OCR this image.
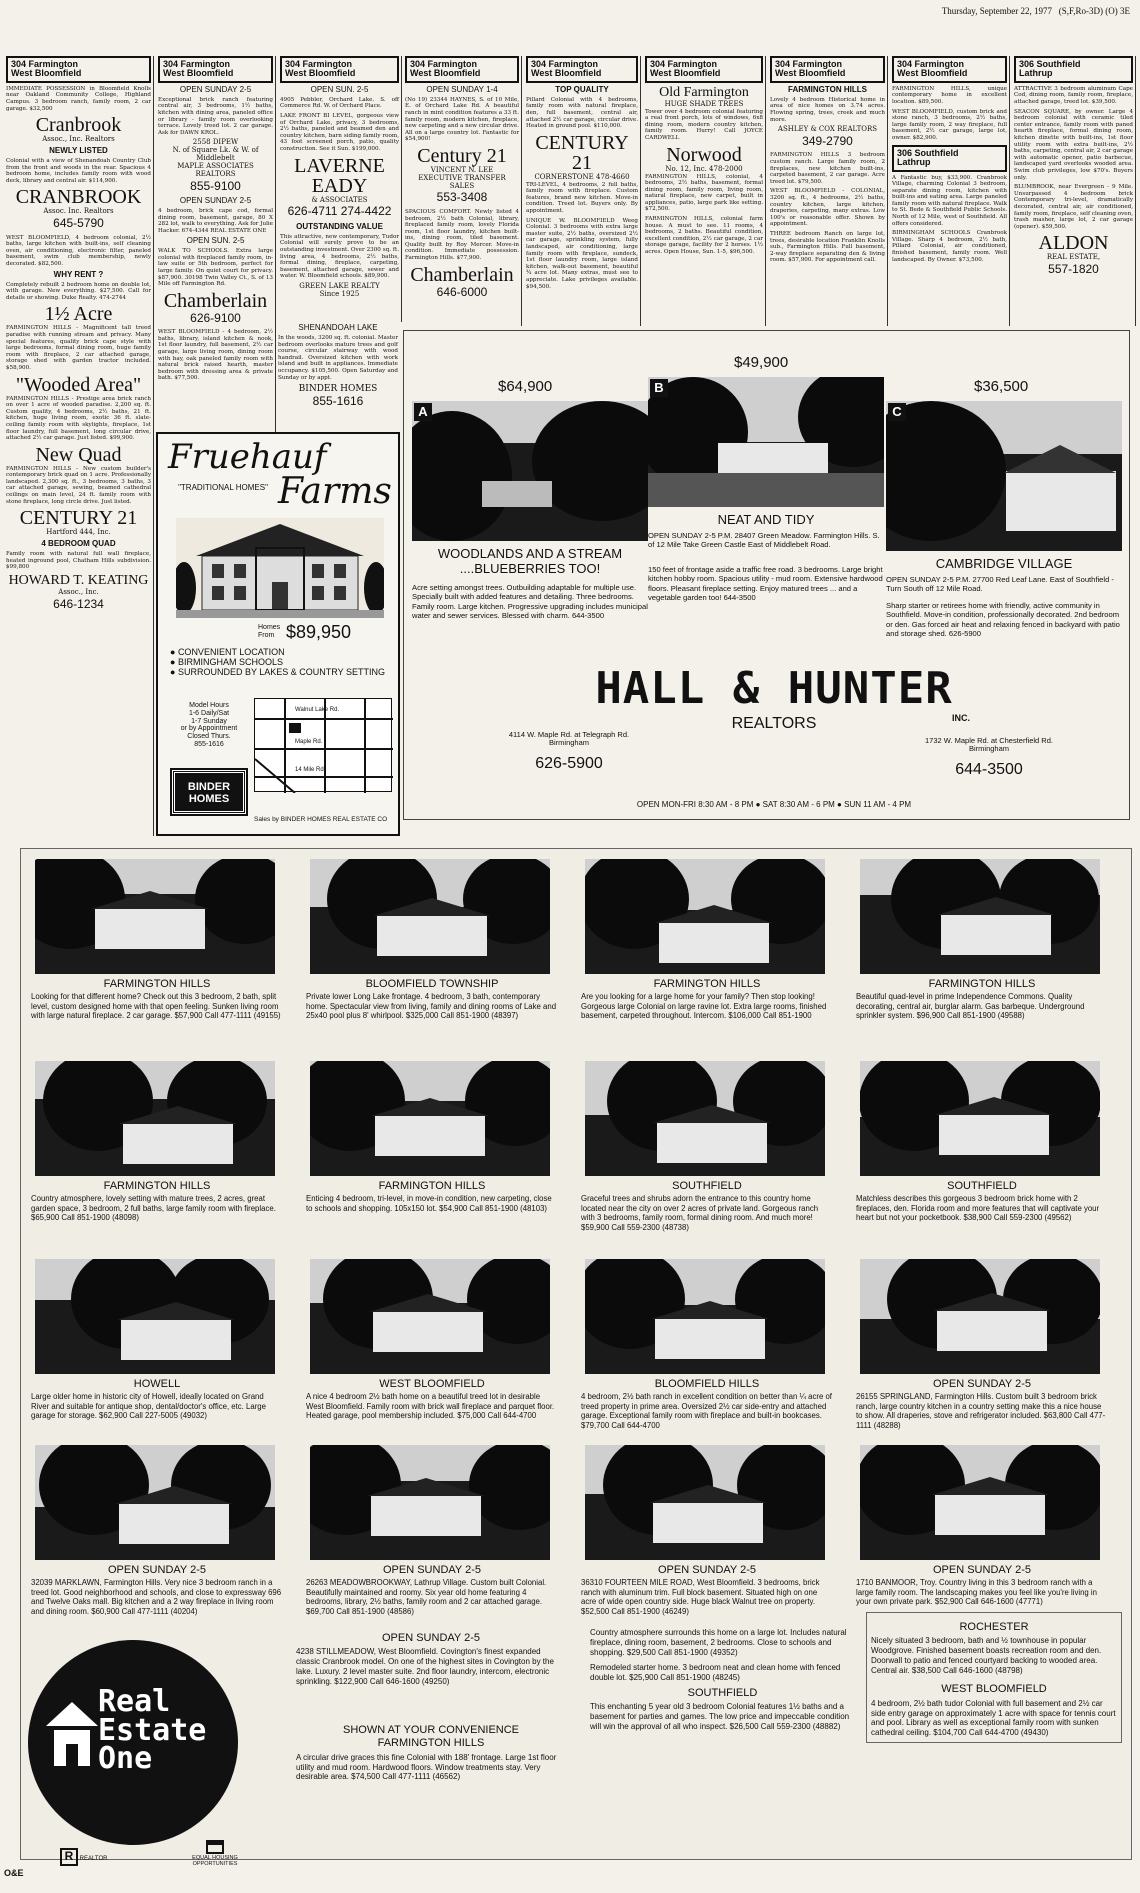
Thursday, September 22, 1977 (S,F,Ro-3D) (O) 3E
304 Farmington
West Bloomfield
IMMEDIATE POSSESSION in Bloomfield Knolls near Oakland Community College, Highland Campus. 3 bedroom ranch, family room, 2 car garage. $32,500
Cranbrook
Assoc., Inc. Realtors
NEWLY LISTED
Colonial with a view of Shenandoah Country Club from the front and woods in the rear. Spacious 4 bedroom home, includes family room with wood deck, library and central air. $114,900.
CRANBROOK
Assoc. Inc. Realtors
645-5790
WEST BLOOMFIELD, 4 bedroom colonial, 2½ baths, large kitchen with built-ins, self cleaning oven, air conditioning, electronic filter, paneled basement, swim club membership, newly decorated. $82,500.
WHY RENT ?
Completely rebuilt 2 bedroom home on double lot, with garage. New everything. $27,500. Call for details or showing. Duke Realty. 474-2744
1½ Acre
FARMINGTON HILLS - Magnificent tall treed paradise with running stream and privacy. Many special features, quality brick cape style with large bedrooms, formal dining room, huge family room with fireplace, 2 car attached garage, storage shed with garden tractor included. $58,900.
"Wooded Area"
FARMINGTON HILLS - Prestige area brick ranch on over 1 acre of wooded paradise. 2,200 sq. ft. Custom quality, 4 bedrooms, 2½ baths, 21 ft. kitchen, huge living room, exotic 36 ft. slate-ceiling family room with skylights, fireplace, 1st floor laundry, full basement, long circular drive, attached 2½ car garage. Just listed. $99,900.
New Quad
FARMINGTON HILLS - New custom builder's contemporary brick quad on 1 acre. Professionally landscaped. 2,300 sq. ft., 3 bedrooms, 3 baths, 3 car attached garage, sewing, beamed cathedral ceilings on main level, 24 ft. family room with stone fireplace, long circle drive. Just listed.
CENTURY 21
Hartford 444, Inc.
4 BEDROOM QUAD
Family room with natural full wall fireplace, heated inground pool, Chatham Hills subdivision. $99,800
HOWARD T. KEATING
Assoc., Inc.
646-1234
304 Farmington
West Bloomfield
OPEN SUNDAY 2-5
Exceptional brick ranch featuring central air, 3 bedrooms, 1½ baths, kitchen with dining area, paneled office or library - family room overlooking terrace. Lovely treed lot. 2 car garage. Ask for DAWN KROL.
2558 DIPEW
N. of Square Lk. & W. of Middlebelt
MAPLE ASSOCIATES
REALTORS
855-9100
OPEN SUNDAY 2-5
4 bedroom, brick cape cod, formal dining room, basement, garage, 80 X 282 lot, walk to everything. Ask for Julie Hacker. 674-4344 REAL ESTATE ONE
OPEN SUN. 2-5
WALK TO SCHOOLS. Extra large colonial with fireplaced family room, in-law suite or 5th bedroom, perfect for large family. On quiet court for privacy. $87,900. 30198 Twin Valley Ct., S. of 13 Mile off Farmington Rd.
Chamberlain
626-9100
WEST BLOOMFIELD - 4 bedroom, 2½ baths, library, island kitchen & nook, 1st floor laundry, full basement, 2½ car garage, large living room, dining room with bay, oak paneled family room with natural brick raised hearth, master bedroom with dressing area & private bath. $77,500.
304 Farmington
West Bloomfield
OPEN SUN. 2-5
4905 Pebbler, Orchard Lake. S. off Commerce Rd. W. of Orchard Place.
LAKE FRONT BI LEVEL, gorgeous view of Orchard Lake, privacy, 3 bedrooms, 2½ baths, paneled and beamed den and country kitchen, barn siding family room, 43 foot screened porch, patio, quality construction. See it Sun. $199,000.
LAVERNE EADY
& ASSOCIATES
626-4711 274-4422
OUTSTANDING VALUE
This attractive, new contemporary, Tudor Colonial will surely prove to be an outstanding investment. Over 2300 sq. ft. living area, 4 bedrooms, 2½ baths, formal dining, fireplace, carpeting, basement, attached garage, sewer and water. W. Bloomfield schools. $89,900.
GREEN LAKE REALTY
Since 1925
304 Farmington
West Bloomfield
OPEN SUNDAY 1-4
(No 19) 23344 HAYNES, S. of 10 Mile, E. of Orchard Lake Rd. A beautiful ranch in mint condition features a 33 ft. family room, modern kitchen, fireplace, new carpeting and a new circular drive. All on a large country lot. Fantastic for $54,900!
Century 21
VINCENT N. LEE
EXECUTIVE TRANSFER SALES
553-3408
SPACIOUS COMFORT. Newly listed 4 bedroom, 2½ bath Colonial, library, fireplaced family room, lovely Florida room, 1st floor laundry, kitchen built-ins, dining room, tiled basement. Quality built by Roy Mercer. Move-in condition. Immediate possession. Farmington Hills. $77,900.
Chamberlain
646-6000
304 Farmington
West Bloomfield
TOP QUALITY
Pillard Colonial with 4 bedrooms, family room with natural fireplace, den, full basement, central air, attached 2½ car garage, circular drive. Heated in ground pool. $110,000.
CENTURY 21
CORNERSTONE 478-4660
TRI-LEVEL, 4 bedrooms, 2 full baths, family room with fireplace. Custom features, brand new kitchen. Move-in condition. Treed lot. Buyers only. By appointment.
UNIQUE W. BLOOMFIELD Weeg Colonial. 3 bedrooms with extra large master suite, 2½ baths, oversized 2½ car garage, sprinkling system, fully landscaped, air conditioning, large family room with fireplace, sundeck, 1st floor laundry room, large island kitchen, walk-out basement, beautiful ¾ acre lot. Many extras, must see to appreciate. Lake privileges available. $94,500.
304 Farmington
West Bloomfield
Old Farmington
HUGE SHADE TREES
Tower over 4 bedroom colonial featuring a real front porch, lots of windows, 6x8 dining room, modern country kitchen, family room. Hurry! Call JOYCE CARDWELL
Norwood
No. 12, Inc. 478-2000
FARMINGTON HILLS, colonial, 4 bedrooms, 2½ baths, basement, formal dining room, family room, living room, natural fireplace, new carpet, built in appliances, patio, large park like setting. $72,500.
FARMINGTON HILLS, colonial farm house. A must to see. 11 rooms, 4 bedrooms, 2 baths. Beautiful condition, excellent condition, 2½ car garage, 2 car storage garage, facility for 2 horses. 1½ acres. Open House, Sun. 1-5, $96,500.
304 Farmington
West Bloomfield
FARMINGTON HILLS
Lovely 4 bedroom Historical home in area of nice homes on 3.74 acres. Flowing spring, trees, creek and much more.
ASHLEY & COX REALTORS
349-2790
FARMINGTON HILLS 3 bedroom custom ranch. Large family room, 2 fireplaces, new kitchen built-ins, carpeted basement, 2 car garage. Acre treed lot. $79,500.
WEST BLOOMFIELD - COLONIAL, 3200 sq. ft., 4 bedrooms, 2½ baths, country kitchen, large kitchen, draperies, carpeting, many extras. Low 100's or reasonable offer. Shown by appointment.
THREE bedroom Ranch on large lot, trees, desirable location Franklin Knolls sub., Farmington Hills. Full basement, 2-way fireplace separating den & living room. $57,900. For appointment call.
304 Farmington
West Bloomfield
FARMINGTON HILLS, unique contemporary home in excellent location. $89,500.
WEST BLOOMFIELD, custom brick and stone ranch, 3 bedrooms, 2½ baths, large family room, 2 way fireplace, full basement, 2½ car garage, large lot, owner. $82,900.
306 Southfield
Lathrup
A Fantastic buy, $33,900. Cranbrook Village, charming Colonial 3 bedroom, separate dining room, kitchen with built-ins and eating area. Large paneled family room with natural fireplace. Walk to St. Bede & Southfield Public Schools. North of 12 Mile, west of Southfield. All offers considered.
BIRMINGHAM SCHOOLS Cranbrook Village. Sharp 4 bedroom, 2½ bath, Pillard Colonial, air conditioned, finished basement, family room. Well landscaped. By Owner. $73,500.
306 Southfield
Lathrup
ATTRACTIVE 3 bedroom aluminum Cape Cod, dining room, family room, fireplace, attached garage, treed lot. $39,500.
SEACON SQUARE, by owner. Large 4 bedroom colonial with ceramic tiled center entrance, family room with paned hearth fireplace, formal dining room, kitchen dinette with built-ins, 1st floor utility room with extra built-ins, 2½ baths, carpeting, central air, 2 car garage with automatic opener, patio barbecue, landscaped yard overlooks wooded area. Swim club privileges, low $70's. Buyers only.
BLUMBROOK, near Evergreen - 9 Mile. Unsurpassed 4 bedroom brick Contemporary tri-level, dramatically decorated, central air, air conditioned, family room, fireplace, self cleaning oven, trash masher, large lot, 2 car garage (opener). $59,500.
ALDON
REAL ESTATE,
557-1820
Fruehauf
Farms
"TRADITIONAL HOMES"
Homes From $89,950
● CONVENIENT LOCATION
● BIRMINGHAM SCHOOLS
● SURROUNDED BY LAKES & COUNTRY SETTING
Model Hours
1-6 Daily/Sat
1-7 Sunday
or by Appointment
Closed Thurs.
855-1616
Walnut Lake Rd.
Maple Rd.
14 Mile Rd.
BINDER HOMES
Sales by BINDER HOMES REAL ESTATE CO
SHENANDOAH LAKE
In the woods, 3200 sq. ft. colonial. Master bedroom overlooks mature trees and golf course, circular stairway with wood handrail. Oversized kitchen with work island and built in appliances. Immediate occupancy. $105,500. Open Saturday and Sunday or by appt.
BINDER HOMES
855-1616
A
$64,900
WOODLANDS AND A STREAM ....BLUEBERRIES TOO!
Acre setting amongst trees. Outbuilding adaptable for multiple use. Specially built with added features and detailing. Three bedrooms. Family room. Large kitchen. Progressive upgrading includes municipal water and sewer services. Blessed with charm. 644-3500
B
$49,900
NEAT AND TIDY
OPEN SUNDAY 2-5 P.M. 28407 Green Meadow. Farmington Hills. S. of 12 Mile Take Green Castle East of Middlebelt Road.
150 feet of frontage aside a traffic free road. 3 bedrooms. Large bright kitchen hobby room. Spacious utility - mud room. Extensive hardwood floors. Pleasant fireplace setting. Enjoy matured trees ... and a vegetable garden too! 644-3500
C
$36,500
CAMBRIDGE VILLAGE
OPEN SUNDAY 2-5 P.M. 27700 Red Leaf Lane. East of Southfield - Turn South off 12 Mile Road.
Sharp starter or retirees home with friendly, active community in Southfield. Move-in condition, professionally decorated. 2nd bedroom or den. Gas forced air heat and relaxing fenced in backyard with patio and storage shed. 626-5900
HALL & HUNTER
INC.
REALTORS
4114 W. Maple Rd. at Telegraph Rd.
Birmingham
626-5900
1732 W. Maple Rd. at Chesterfield Rd.
Birmingham
644-3500
OPEN MON-FRI 8:30 AM - 8 PM ● SAT 8:30 AM - 6 PM ● SUN 11 AM - 4 PM
FARMINGTON HILLS
Looking for that different home? Check out this 3 bedroom, 2 bath, split level, custom designed home with that open feeling. Sunken living room with large natural fireplace. 2 car garage. $57,900 Call 477-1111 (49155)
BLOOMFIELD TOWNSHIP
Private lower Long Lake frontage. 4 bedroom, 3 bath, contemporary home. Spectacular view from living, family and dining rooms of Lake and 25x40 pool plus 8' whirlpool. $325,000 Call 851-1900 (48397)
FARMINGTON HILLS
Are you looking for a large home for your family? Then stop looking! Gorgeous large Colonial on large ravine lot. Extra large rooms, finished basement, carpeted throughout. Intercom. $106,000 Call 851-1900
FARMINGTON HILLS
Beautiful quad-level in prime Independence Commons. Quality decorating, central air, burglar alarm. Gas barbeque. Underground sprinkler system. $96,900 Call 851-1900 (49588)
FARMINGTON HILLS
Country atmosphere, lovely setting with mature trees, 2 acres, great garden space, 3 bedroom, 2 full baths, large family room with fireplace. $65,900 Call 851-1900 (48098)
FARMINGTON HILLS
Enticing 4 bedroom, tri-level, in move-in condition, new carpeting, close to schools and shopping. 105x150 lot. $54,900 Call 851-1900 (48103)
SOUTHFIELD
Graceful trees and shrubs adorn the entrance to this country home located near the city on over 2 acres of private land. Gorgeous ranch with 3 bedrooms, family room, formal dining room. And much more! $59,900 Call 559-2300 (48738)
SOUTHFIELD
Matchless describes this gorgeous 3 bedroom brick home with 2 fireplaces, den. Florida room and more features that will captivate your heart but not your pocketbook. $38,900 Call 559-2300 (49562)
HOWELL
Large older home in historic city of Howell, ideally located on Grand River and suitable for antique shop, dental/doctor's office, etc. Large garage for storage. $62,900 Call 227-5005 (49032)
WEST BLOOMFIELD
A nice 4 bedroom 2½ bath home on a beautiful treed lot in desirable West Bloomfield. Family room with brick wall fireplace and parquet floor. Heated garage, pool membership included. $75,000 Call 644-4700
BLOOMFIELD HILLS
4 bedroom, 2½ bath ranch in excellent condition on better than ¼ acre of treed property in prime area. Oversized 2½ car side-entry and attached garage. Exceptional family room with fireplace and built-in bookcases. $79,700 Call 644-4700
OPEN SUNDAY 2-5
26155 SPRINGLAND, Farmington Hills. Custom built 3 bedroom brick ranch, large country kitchen in a country setting make this a nice house to show. All draperies, stove and refrigerator included. $63,800 Call 477-1111 (48288)
OPEN SUNDAY 2-5
32039 MARKLAWN, Farmington Hills. Very nice 3 bedroom ranch in a treed lot. Good neighborhood and schools, and close to expressway 696 and Twelve Oaks mall. Big kitchen and a 2 way fireplace in living room and dining room. $60,900 Call 477-1111 (40204)
OPEN SUNDAY 2-5
26263 MEADOWBROOKWAY, Lathrup Village. Custom built Colonial. Beautifully maintained and roomy. Six year old home featuring 4 bedrooms, library, 2½ baths, family room and 2 car attached garage. $69,700 Call 851-1900 (48586)
OPEN SUNDAY 2-5
36310 FOURTEEN MILE ROAD, West Bloomfield. 3 bedrooms, brick ranch with aluminum trim. Full block basement. Situated high on one acre of wide open country side. Huge black Walnut tree on property. $52,500 Call 851-1900 (46249)
OPEN SUNDAY 2-5
1710 BANMOOR, Troy. Country living in this 3 bedroom ranch with a large family room. The landscaping makes you feel like you're living in your own private park. $52,900 Call 646-1600 (47771)
Real
Estate
One
R REALTOR	EQUAL HOUSING OPPORTUNITIES
OPEN SUNDAY 2-5
4238 STILLMEADOW, West Bloomfield. Covington's finest expanded classic Cranbrook model. On one of the highest sites in Covington by the lake. Luxury. 2 level master suite. 2nd floor laundry, intercom, electronic sprinkling. $122,900 Call 646-1600 (49250)
SHOWN AT YOUR CONVENIENCE
FARMINGTON HILLS
A circular drive graces this fine Colonial with 188' frontage. Large 1st floor utility and mud room. Hardwood floors. Window treatments stay. Very desirable area. $74,500 Call 477-1111 (46562)
Country atmosphere surrounds this home on a large lot. Includes natural fireplace, dining room, basement, 2 bedrooms. Close to schools and shopping. $29,500 Call 851-1900 (49352)
Remodeled starter home. 3 bedroom neat and clean home with fenced double lot. $25,900 Call 851-1900 (48245)
SOUTHFIELD
This enchanting 5 year old 3 bedroom Colonial features 1½ baths and a basement for parties and games. The low price and impeccable condition will win the approval of all who inspect. $26,500 Call 559-2300 (48882)
ROCHESTER
Nicely situated 3 bedroom, bath and ½ townhouse in popular Woodgrove. Finished basement boasts recreation room and den. Doorwall to patio and fenced courtyard backing to wooded area. Central air. $38,500 Call 646-1600 (48798)
WEST BLOOMFIELD
4 bedroom, 2½ bath tudor Colonial with full basement and 2½ car side entry garage on approximately 1 acre with space for tennis court and pool. Library as well as exceptional family room with sunken cathedral ceiling. $104,700 Call 644-4700 (49430)
O&E
